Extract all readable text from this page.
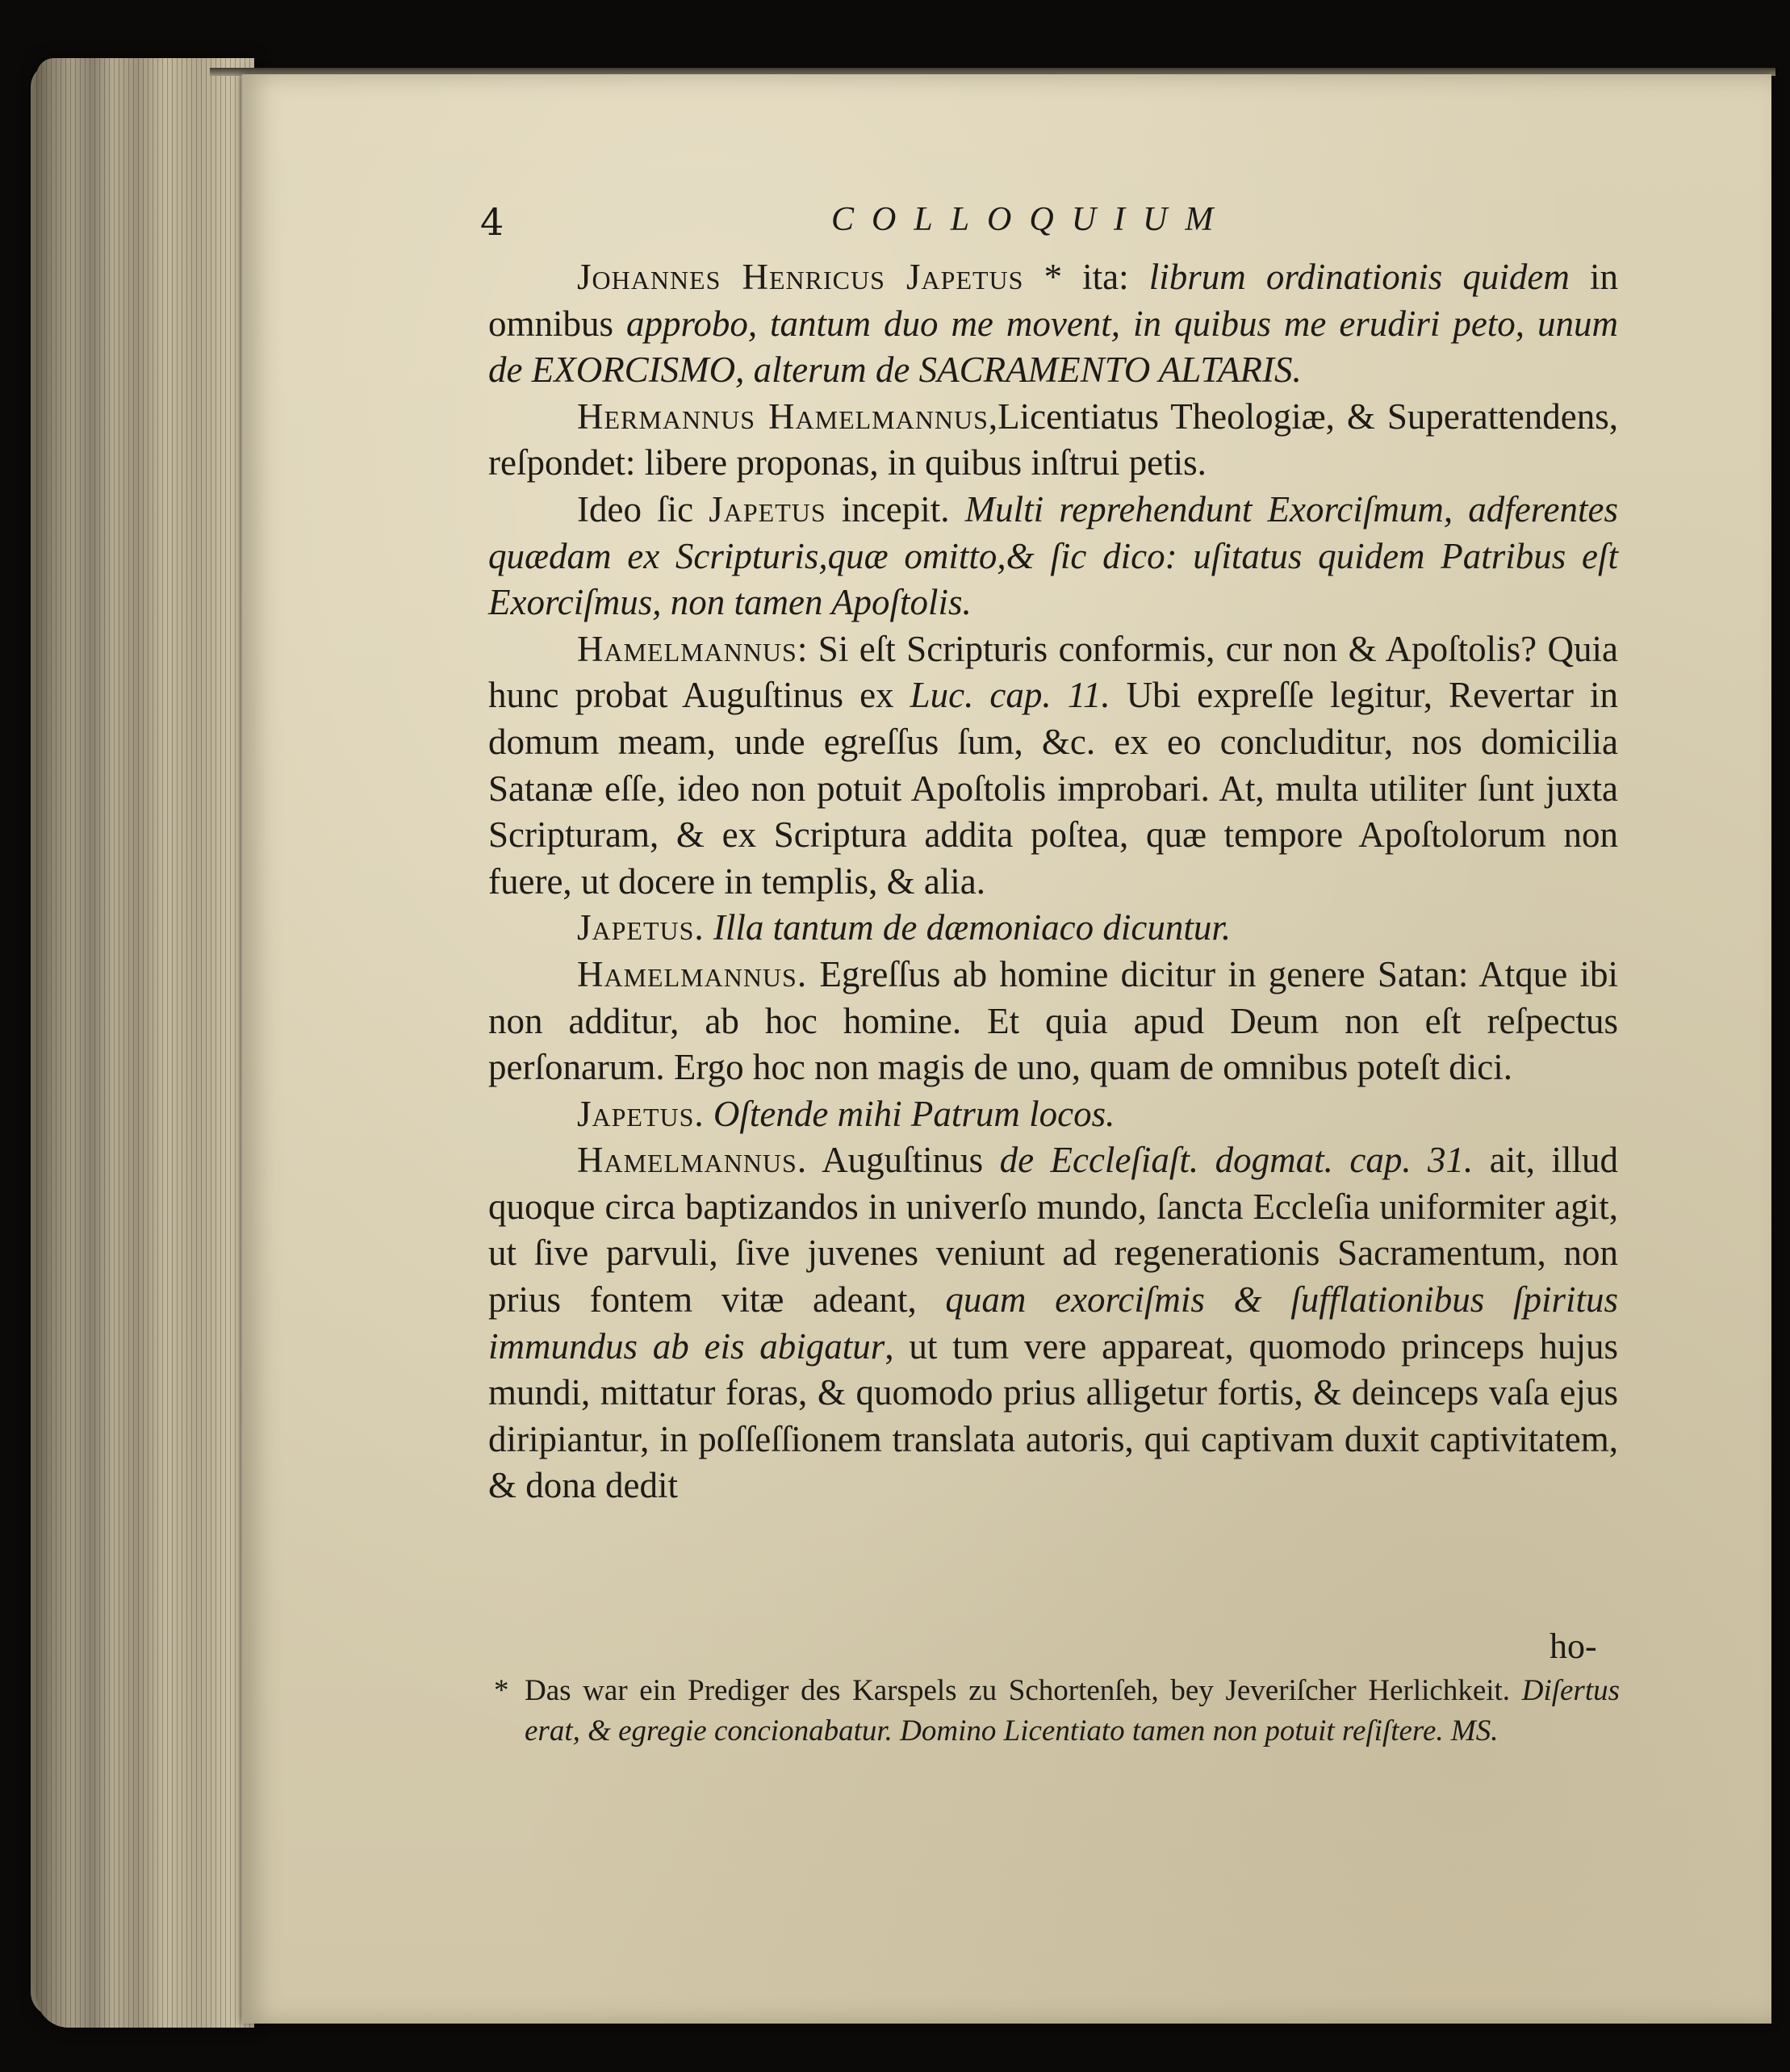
4	COLLOQUIUM

Johannes Henricus Japetus * ita: librum ordinationis quidem in omnibus approbo, tantum duo me movent, in quibus me erudiri peto, unum de EXORCISMO, alterum de SACRAMENTO ALTARIS.

Hermannus Hamelmannus,Licentiatus Theologiæ, & Superattendens, reſpondet: libere proponas, in quibus inſtrui petis.

Ideo ſic Japetus incepit. Multi reprehendunt Exorciſmum, adferentes quædam ex Scripturis,quæ omitto,& ſic dico: uſitatus quidem Patribus eſt Exorciſmus, non tamen Apoſtolis.

Hamelmannus: Si eſt Scripturis conformis, cur non & Apoſtolis? Quia hunc probat Auguſtinus ex Luc. cap. 11. Ubi expreſſe legitur, Revertar in domum meam, unde egreſſus ſum, &c. ex eo concluditur, nos domicilia Satanæ eſſe, ideo non potuit Apoſtolis improbari. At, multa utiliter ſunt juxta Scripturam, & ex Scriptura addita poſtea, quæ tempore Apoſtolorum non fuere, ut docere in templis, & alia.

Japetus. Illa tantum de dæmoniaco dicuntur.

Hamelmannus. Egreſſus ab homine dicitur in genere Satan: Atque ibi non additur, ab hoc homine. Et quia apud Deum non eſt reſpectus perſonarum. Ergo hoc non magis de uno, quam de omnibus poteſt dici.

Japetus. Oſtende mihi Patrum locos.

Hamelmannus. Auguſtinus de Eccleſiaſt. dogmat. cap. 31. ait, illud quoque circa baptizandos in univerſo mundo, ſancta Eccleſia uniformiter agit, ut ſive parvuli, ſive juvenes veniunt ad regenerationis Sacramentum, non prius fontem vitæ adeant, quam exorciſmis & ſufflationibus ſpiritus immundus ab eis abigatur, ut tum vere appareat, quomodo princeps hujus mundi, mittatur foras, & quomodo prius alligetur fortis, & deinceps vaſa ejus diripiantur, in poſſeſſionem translata autoris, qui captivam duxit captivitatem, & dona dedit

ho-
* Das war ein Prediger des Karspels zu Schortenſeh, bey Jeveriſcher Herlichkeit. Diſertus erat, & egregie concionabatur. Domino Licentiato tamen non potuit reſiſtere. MS.
